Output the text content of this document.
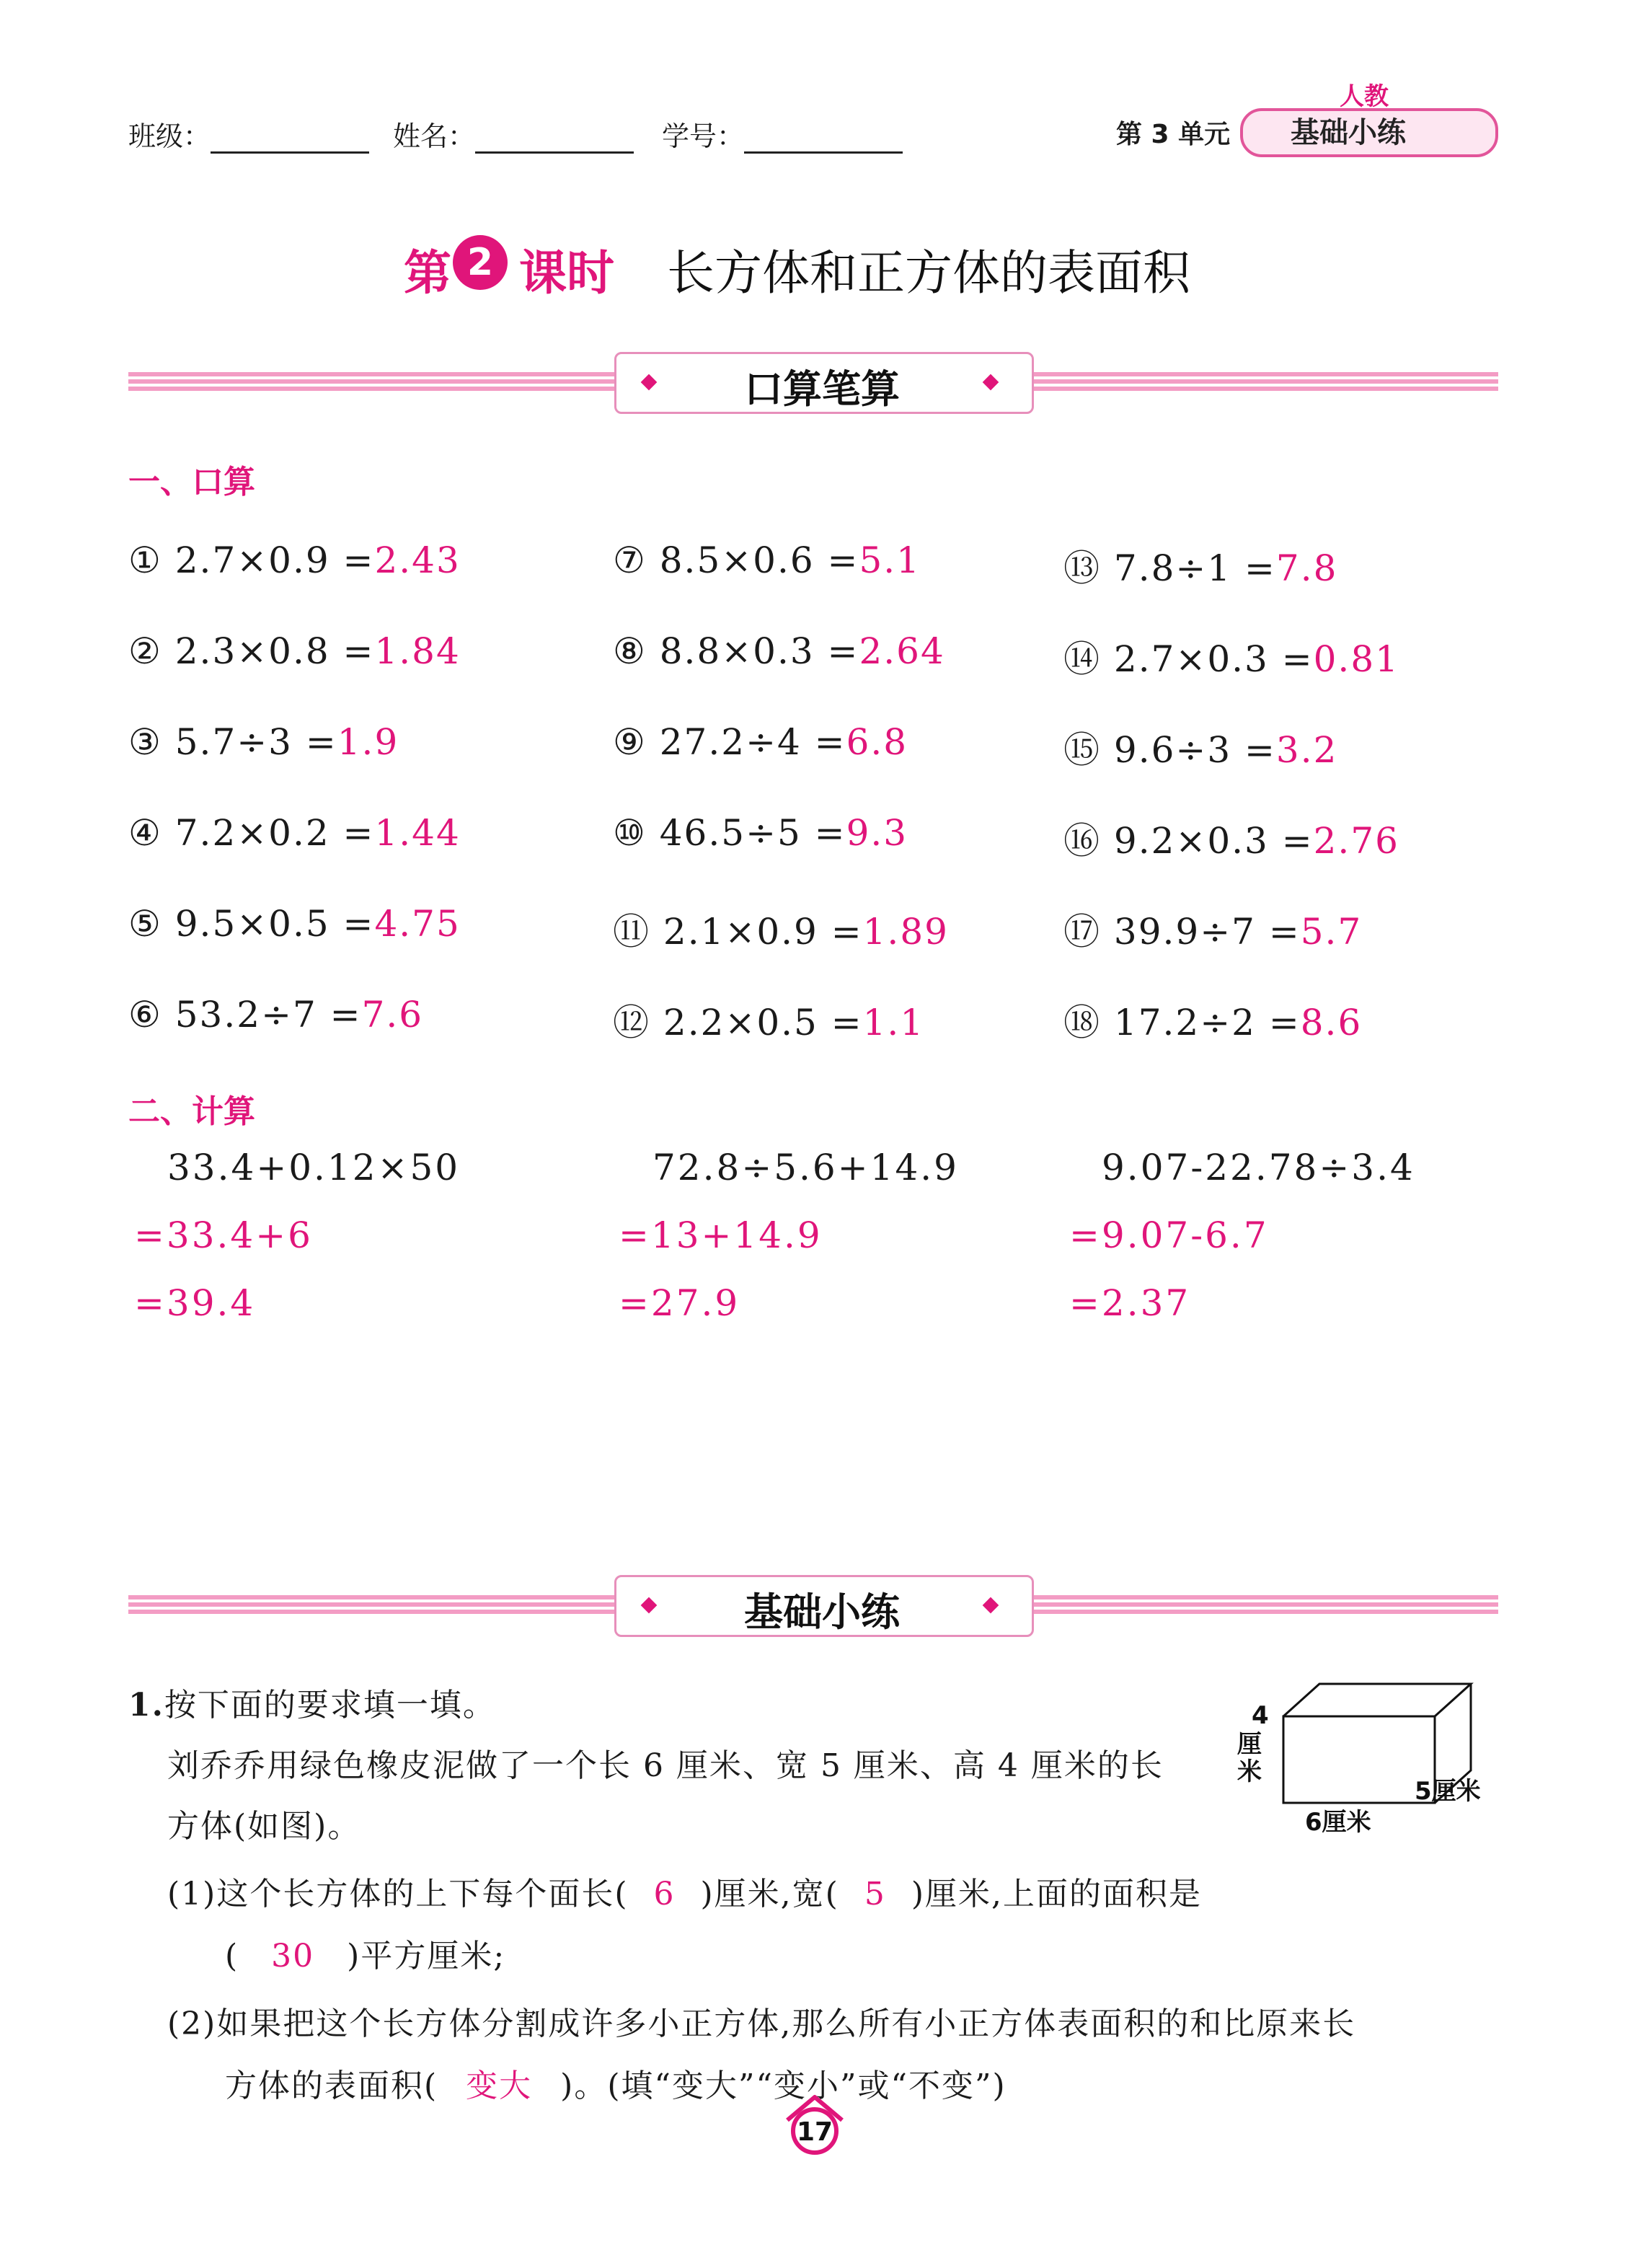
班级：	姓名：	学号：	第 3 单元 基础小练
人教
第 2 课时 长方体和正方体的表面积
口算笔算
一、口算
① 2.7×0.9 =2.43
② 2.3×0.8 =1.84
③ 5.7÷3 =1.9
④ 7.2×0.2 =1.44
⑤ 9.5×0.5 =4.75
⑥ 53.2÷7 =7.6
⑦ 8.5×0.6 =5.1
⑧ 8.8×0.3 =2.64
⑨ 27.2÷4 =6.8
⑩ 46.5÷5 =9.3
⑪ 2.1×0.9 =1.89
⑫ 2.2×0.5 =1.1
⑬ 7.8÷1 =7.8
⑭ 2.7×0.3 =0.81
⑮ 9.6÷3 =3.2
⑯ 9.2×0.3 =2.76
⑰ 39.9÷7 =5.7
⑱ 17.2÷2 =8.6
二、计算
33.4+0.12×50
=33.4+6
=39.4
72.8÷5.6+14.9
=13+14.9
=27.9
9.07-22.78÷3.4
=9.07-6.7
=2.37
基础小练
1.按下面的要求填一填。
刘乔乔用绿色橡皮泥做了一个长 6 厘米、宽 5 厘米、高 4 厘米的长
方体(如图)。
(1)这个长方体的上下每个面长( 6 )厘米,宽( 5 )厘米,上面的面积是
( 30 )平方厘米;
(2)如果把这个长方体分割成许多小正方体,那么所有小正方体表面积的和比原来长
方体的表面积( 变大 )。(填“变大”“变小”或“不变”)
4
厘
米
5厘米
6厘米
17
